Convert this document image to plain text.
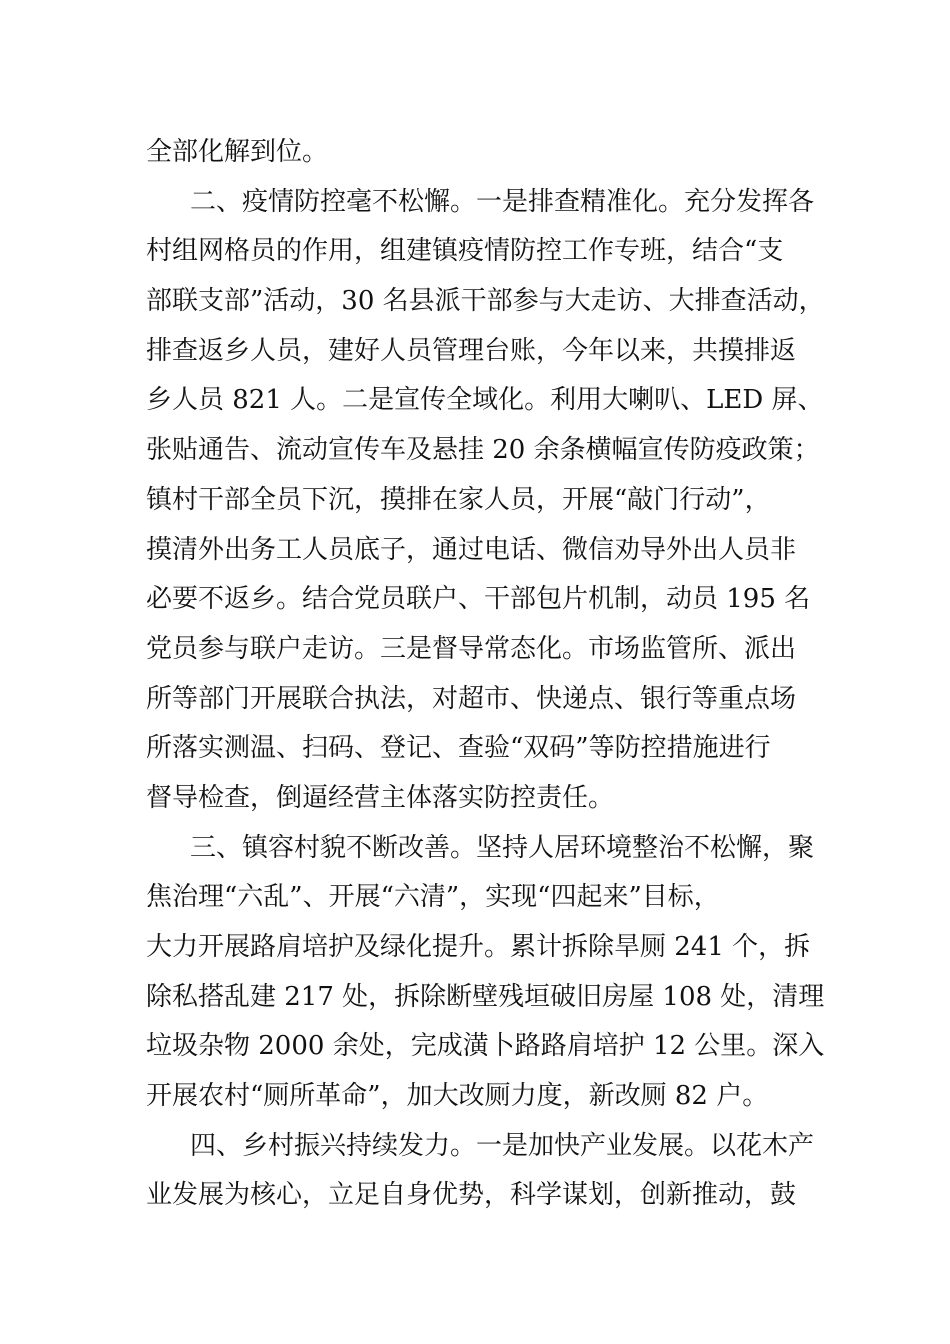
全部化解到位。
二、疫情防控毫不松懈。一是排查精准化。充分发挥各
村组网格员的作用，组建镇疫情防控工作专班，结合“支
部联支部”活动，30 名县派干部参与大走访、大排查活动，
排查返乡人员，建好人员管理台账，今年以来，共摸排返
乡人员 821 人。二是宣传全域化。利用大喇叭、LED 屏、
张贴通告、流动宣传车及悬挂 20 余条横幅宣传防疫政策；
镇村干部全员下沉，摸排在家人员，开展“敲门行动”，
摸清外出务工人员底子，通过电话、微信劝导外出人员非
必要不返乡。结合党员联户、干部包片机制，动员 195 名
党员参与联户走访。三是督导常态化。市场监管所、派出
所等部门开展联合执法，对超市、快递点、银行等重点场
所落实测温、扫码、登记、查验“双码”等防控措施进行
督导检查，倒逼经营主体落实防控责任。
三、镇容村貌不断改善。坚持人居环境整治不松懈，聚
焦治理“六乱”、开展“六清”，实现“四起来”目标，
大力开展路肩培护及绿化提升。累计拆除旱厕 241 个，拆
除私搭乱建 217 处，拆除断壁残垣破旧房屋 108 处，清理
垃圾杂物 2000 余处，完成潢卜路路肩培护 12 公里。深入
开展农村“厕所革命”，加大改厕力度，新改厕 82 户。
四、乡村振兴持续发力。一是加快产业发展。以花木产
业发展为核心，立足自身优势，科学谋划，创新推动，鼓
